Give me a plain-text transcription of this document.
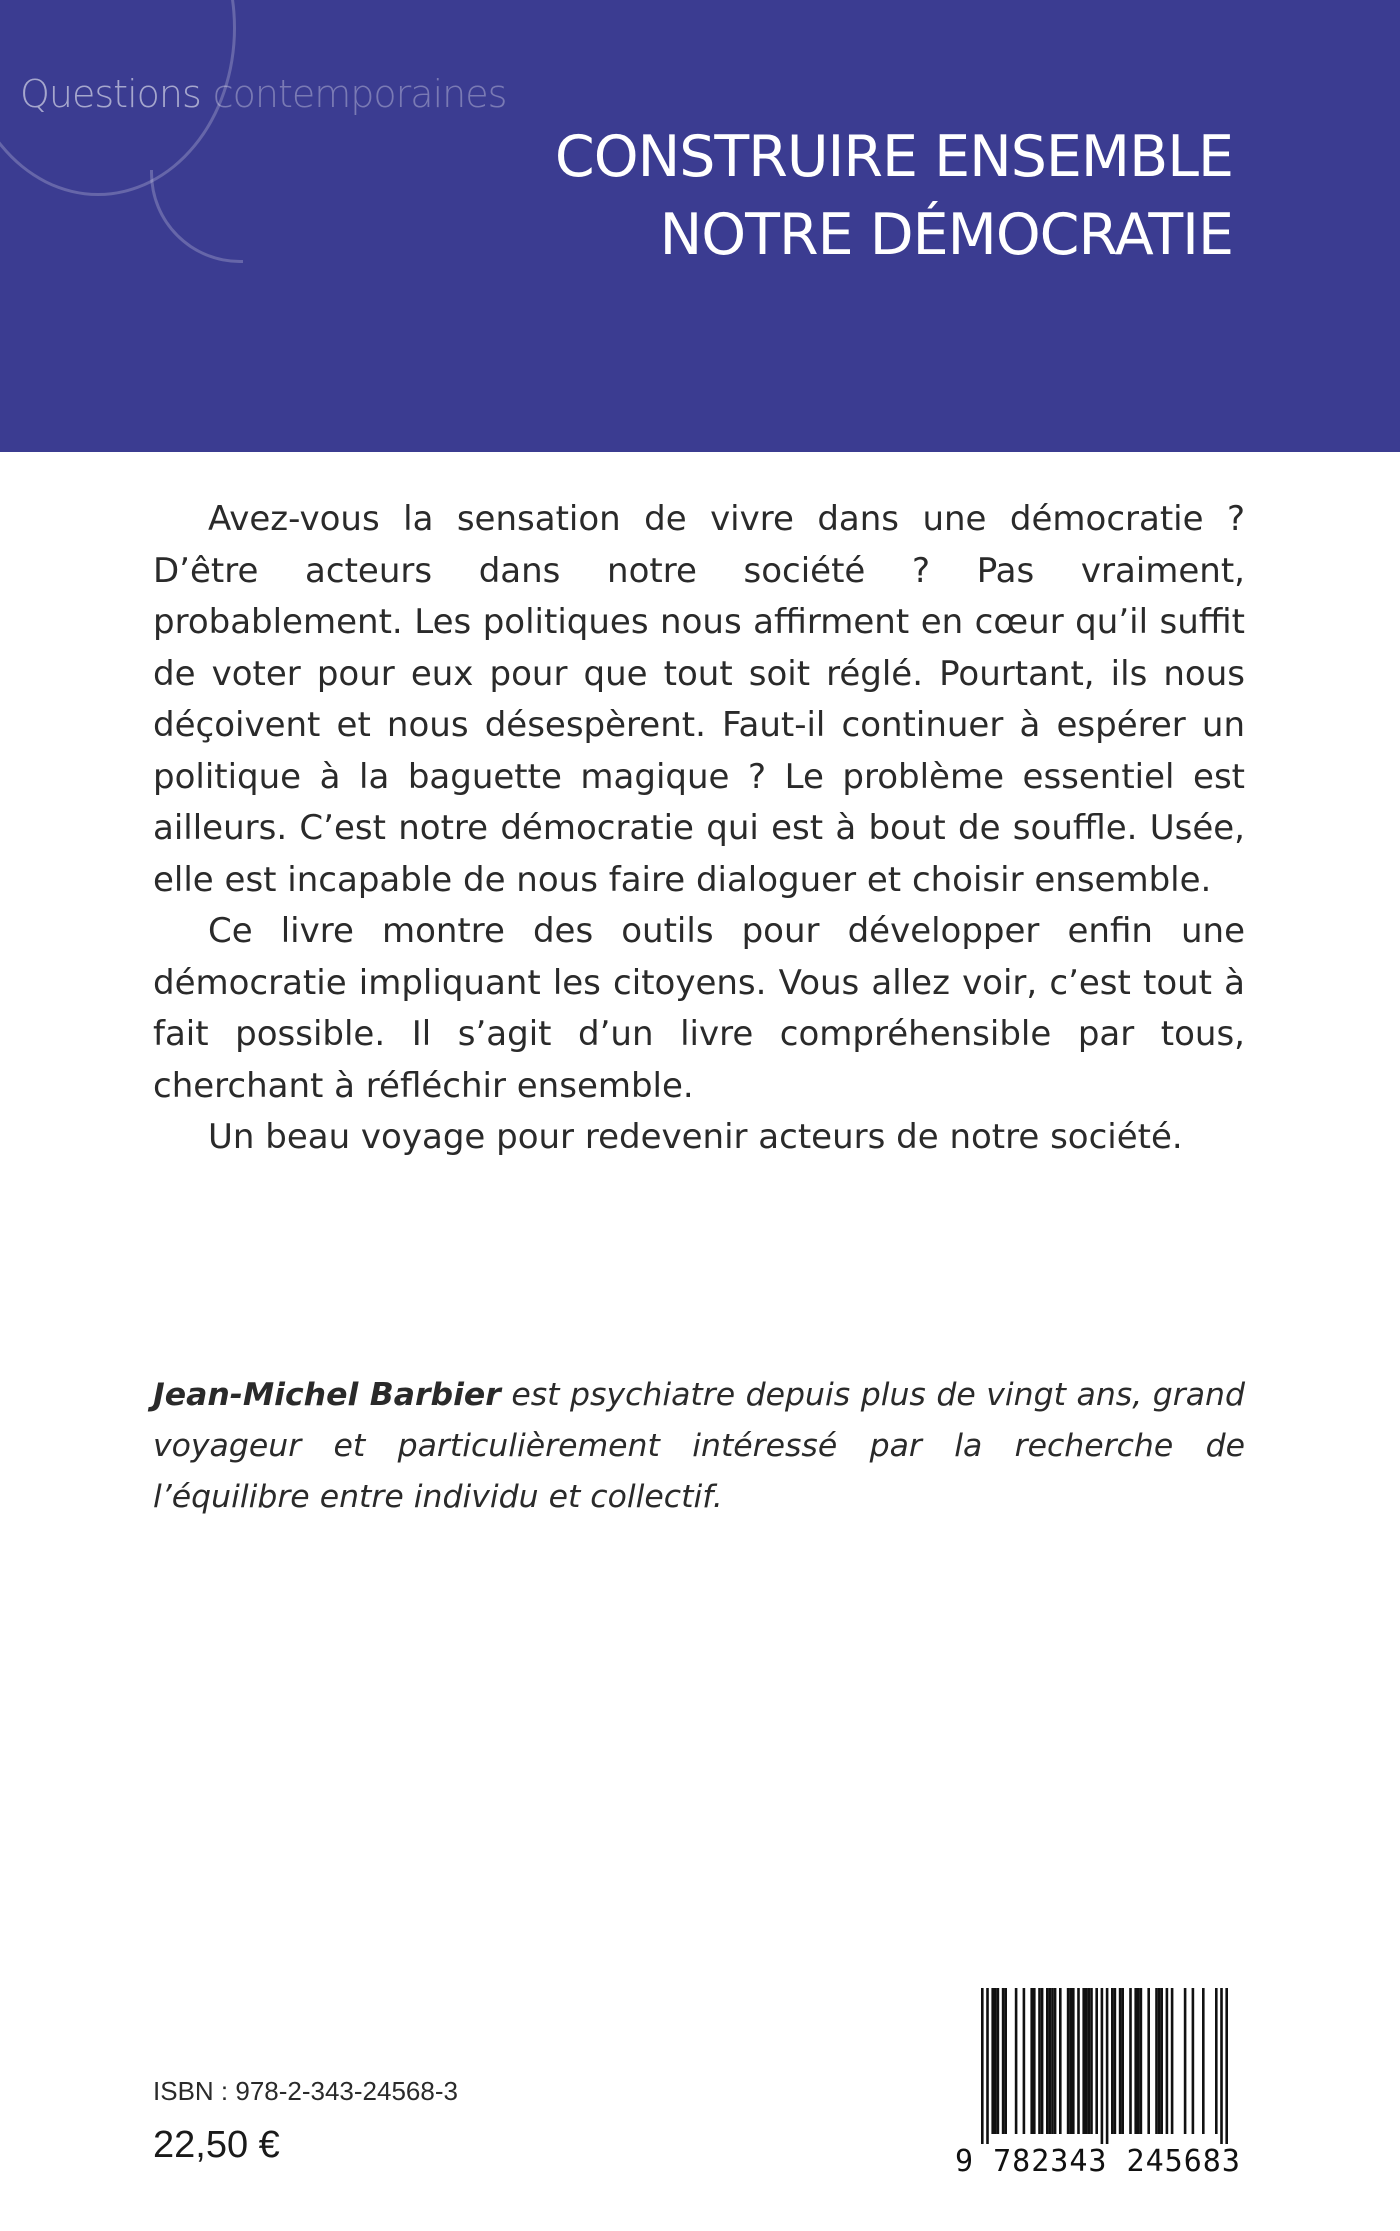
Questions contemporaines
CONSTRUIRE ENSEMBLE
NOTRE DÉMOCRATIE

Avez-vous la sensation de vivre dans une démocratie ? D’être acteurs dans notre société ? Pas vraiment, probablement. Les politiques nous affirment en cœur qu’il suffit de voter pour eux pour que tout soit réglé. Pourtant, ils nous déçoivent et nous désespèrent. Faut-il continuer à espérer un politique à la baguette magique ? Le problème essentiel est ailleurs. C’est notre démocratie qui est à bout de souffle. Usée, elle est incapable de nous faire dialoguer et choisir ensemble.

Ce livre montre des outils pour développer enfin une démocratie impliquant les citoyens. Vous allez voir, c’est tout à fait possible. Il s’agit d’un livre compréhensible par tous, cherchant à réfléchir ensemble.

Un beau voyage pour redevenir acteurs de notre société.

Jean-Michel Barbier est psychiatre depuis plus de vingt ans, grand voyageur et particulièrement intéressé par la recherche de l’équilibre entre individu et collectif.
ISBN : 978-2-343-24568-3
22,50 €	9 782343 245683
